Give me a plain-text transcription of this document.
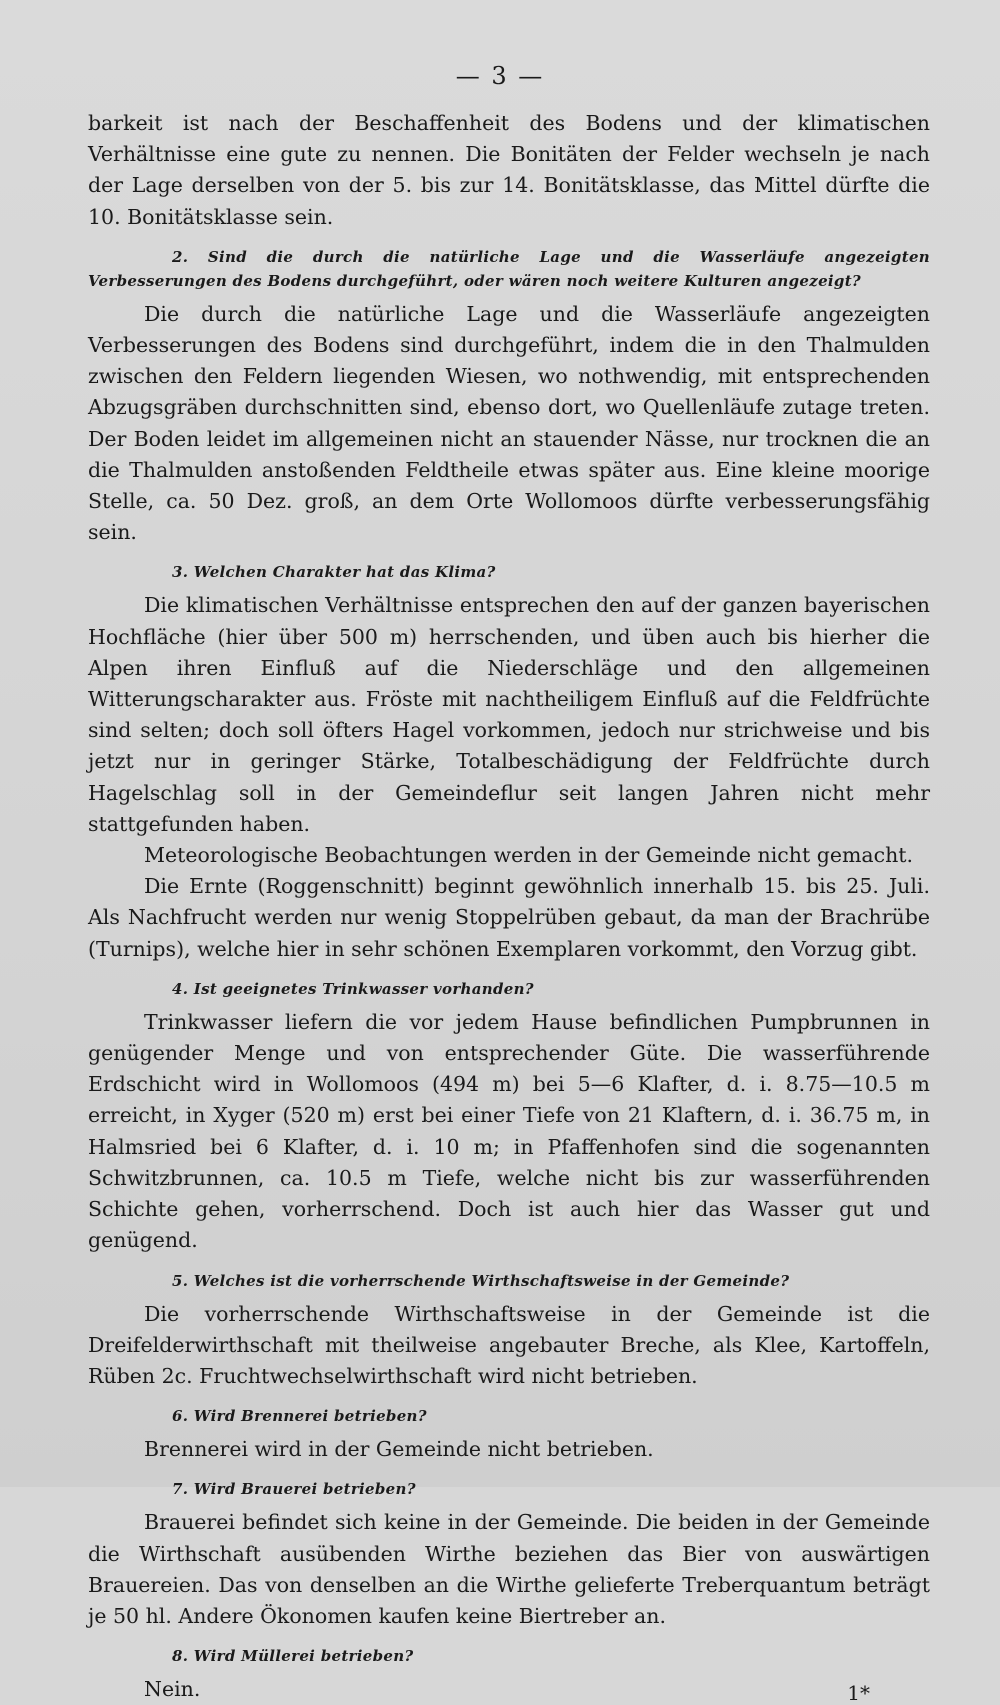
— 3 —

barkeit ist nach der Beschaffenheit des Bodens und der klimatischen Verhältnisse eine gute zu nennen. Die Bonitäten der Felder wechseln je nach der Lage derselben von der 5. bis zur 14. Bonitätsklasse, das Mittel dürfte die 10. Bonitätsklasse sein.

2. Sind die durch die natürliche Lage und die Wasserläufe angezeigten Verbesserungen des Bodens durchgeführt, oder wären noch weitere Kulturen angezeigt?

Die durch die natürliche Lage und die Wasserläufe angezeigten Verbesserungen des Bodens sind durchgeführt, indem die in den Thalmulden zwischen den Feldern liegenden Wiesen, wo nothwendig, mit entsprechenden Abzugsgräben durchschnitten sind, ebenso dort, wo Quellenläufe zutage treten. Der Boden leidet im allgemeinen nicht an stauender Nässe, nur trocknen die an die Thalmulden anstoßenden Feldtheile etwas später aus. Eine kleine moorige Stelle, ca. 50 Dez. groß, an dem Orte Wollomoos dürfte verbesserungsfähig sein.

3. Welchen Charakter hat das Klima?

Die klimatischen Verhältnisse entsprechen den auf der ganzen bayerischen Hochfläche (hier über 500 m) herrschenden, und üben auch bis hierher die Alpen ihren Einfluß auf die Niederschläge und den allgemeinen Witterungscharakter aus. Fröste mit nachtheiligem Einfluß auf die Feldfrüchte sind selten; doch soll öfters Hagel vorkommen, jedoch nur strichweise und bis jetzt nur in geringer Stärke, Totalbeschädigung der Feldfrüchte durch Hagelschlag soll in der Gemeindeflur seit langen Jahren nicht mehr stattgefunden haben.

Meteorologische Beobachtungen werden in der Gemeinde nicht gemacht.

Die Ernte (Roggenschnitt) beginnt gewöhnlich innerhalb 15. bis 25. Juli. Als Nachfrucht werden nur wenig Stoppelrüben gebaut, da man der Brachrübe (Turnips), welche hier in sehr schönen Exemplaren vorkommt, den Vorzug gibt.

4. Ist geeignetes Trinkwasser vorhanden?

Trinkwasser liefern die vor jedem Hause befindlichen Pumpbrunnen in genügender Menge und von entsprechender Güte. Die wasserführende Erdschicht wird in Wollomoos (494 m) bei 5—6 Klafter, d. i. 8.75—10.5 m erreicht, in Xyger (520 m) erst bei einer Tiefe von 21 Klaftern, d. i. 36.75 m, in Halmsried bei 6 Klafter, d. i. 10 m; in Pfaffenhofen sind die sogenannten Schwitzbrunnen, ca. 10.5 m Tiefe, welche nicht bis zur wasserführenden Schichte gehen, vorherrschend. Doch ist auch hier das Wasser gut und genügend.

5. Welches ist die vorherrschende Wirthschaftsweise in der Gemeinde?

Die vorherrschende Wirthschaftsweise in der Gemeinde ist die Dreifelderwirthschaft mit theilweise angebauter Breche, als Klee, Kartoffeln, Rüben 2c. Fruchtwechselwirthschaft wird nicht betrieben.

6. Wird Brennerei betrieben?

Brennerei wird in der Gemeinde nicht betrieben.

7. Wird Brauerei betrieben?

Brauerei befindet sich keine in der Gemeinde. Die beiden in der Gemeinde die Wirthschaft ausübenden Wirthe beziehen das Bier von auswärtigen Brauereien. Das von denselben an die Wirthe gelieferte Treberquantum beträgt je 50 hl. Andere Ökonomen kaufen keine Biertreber an.

8. Wird Müllerei betrieben?

Nein.	1*
